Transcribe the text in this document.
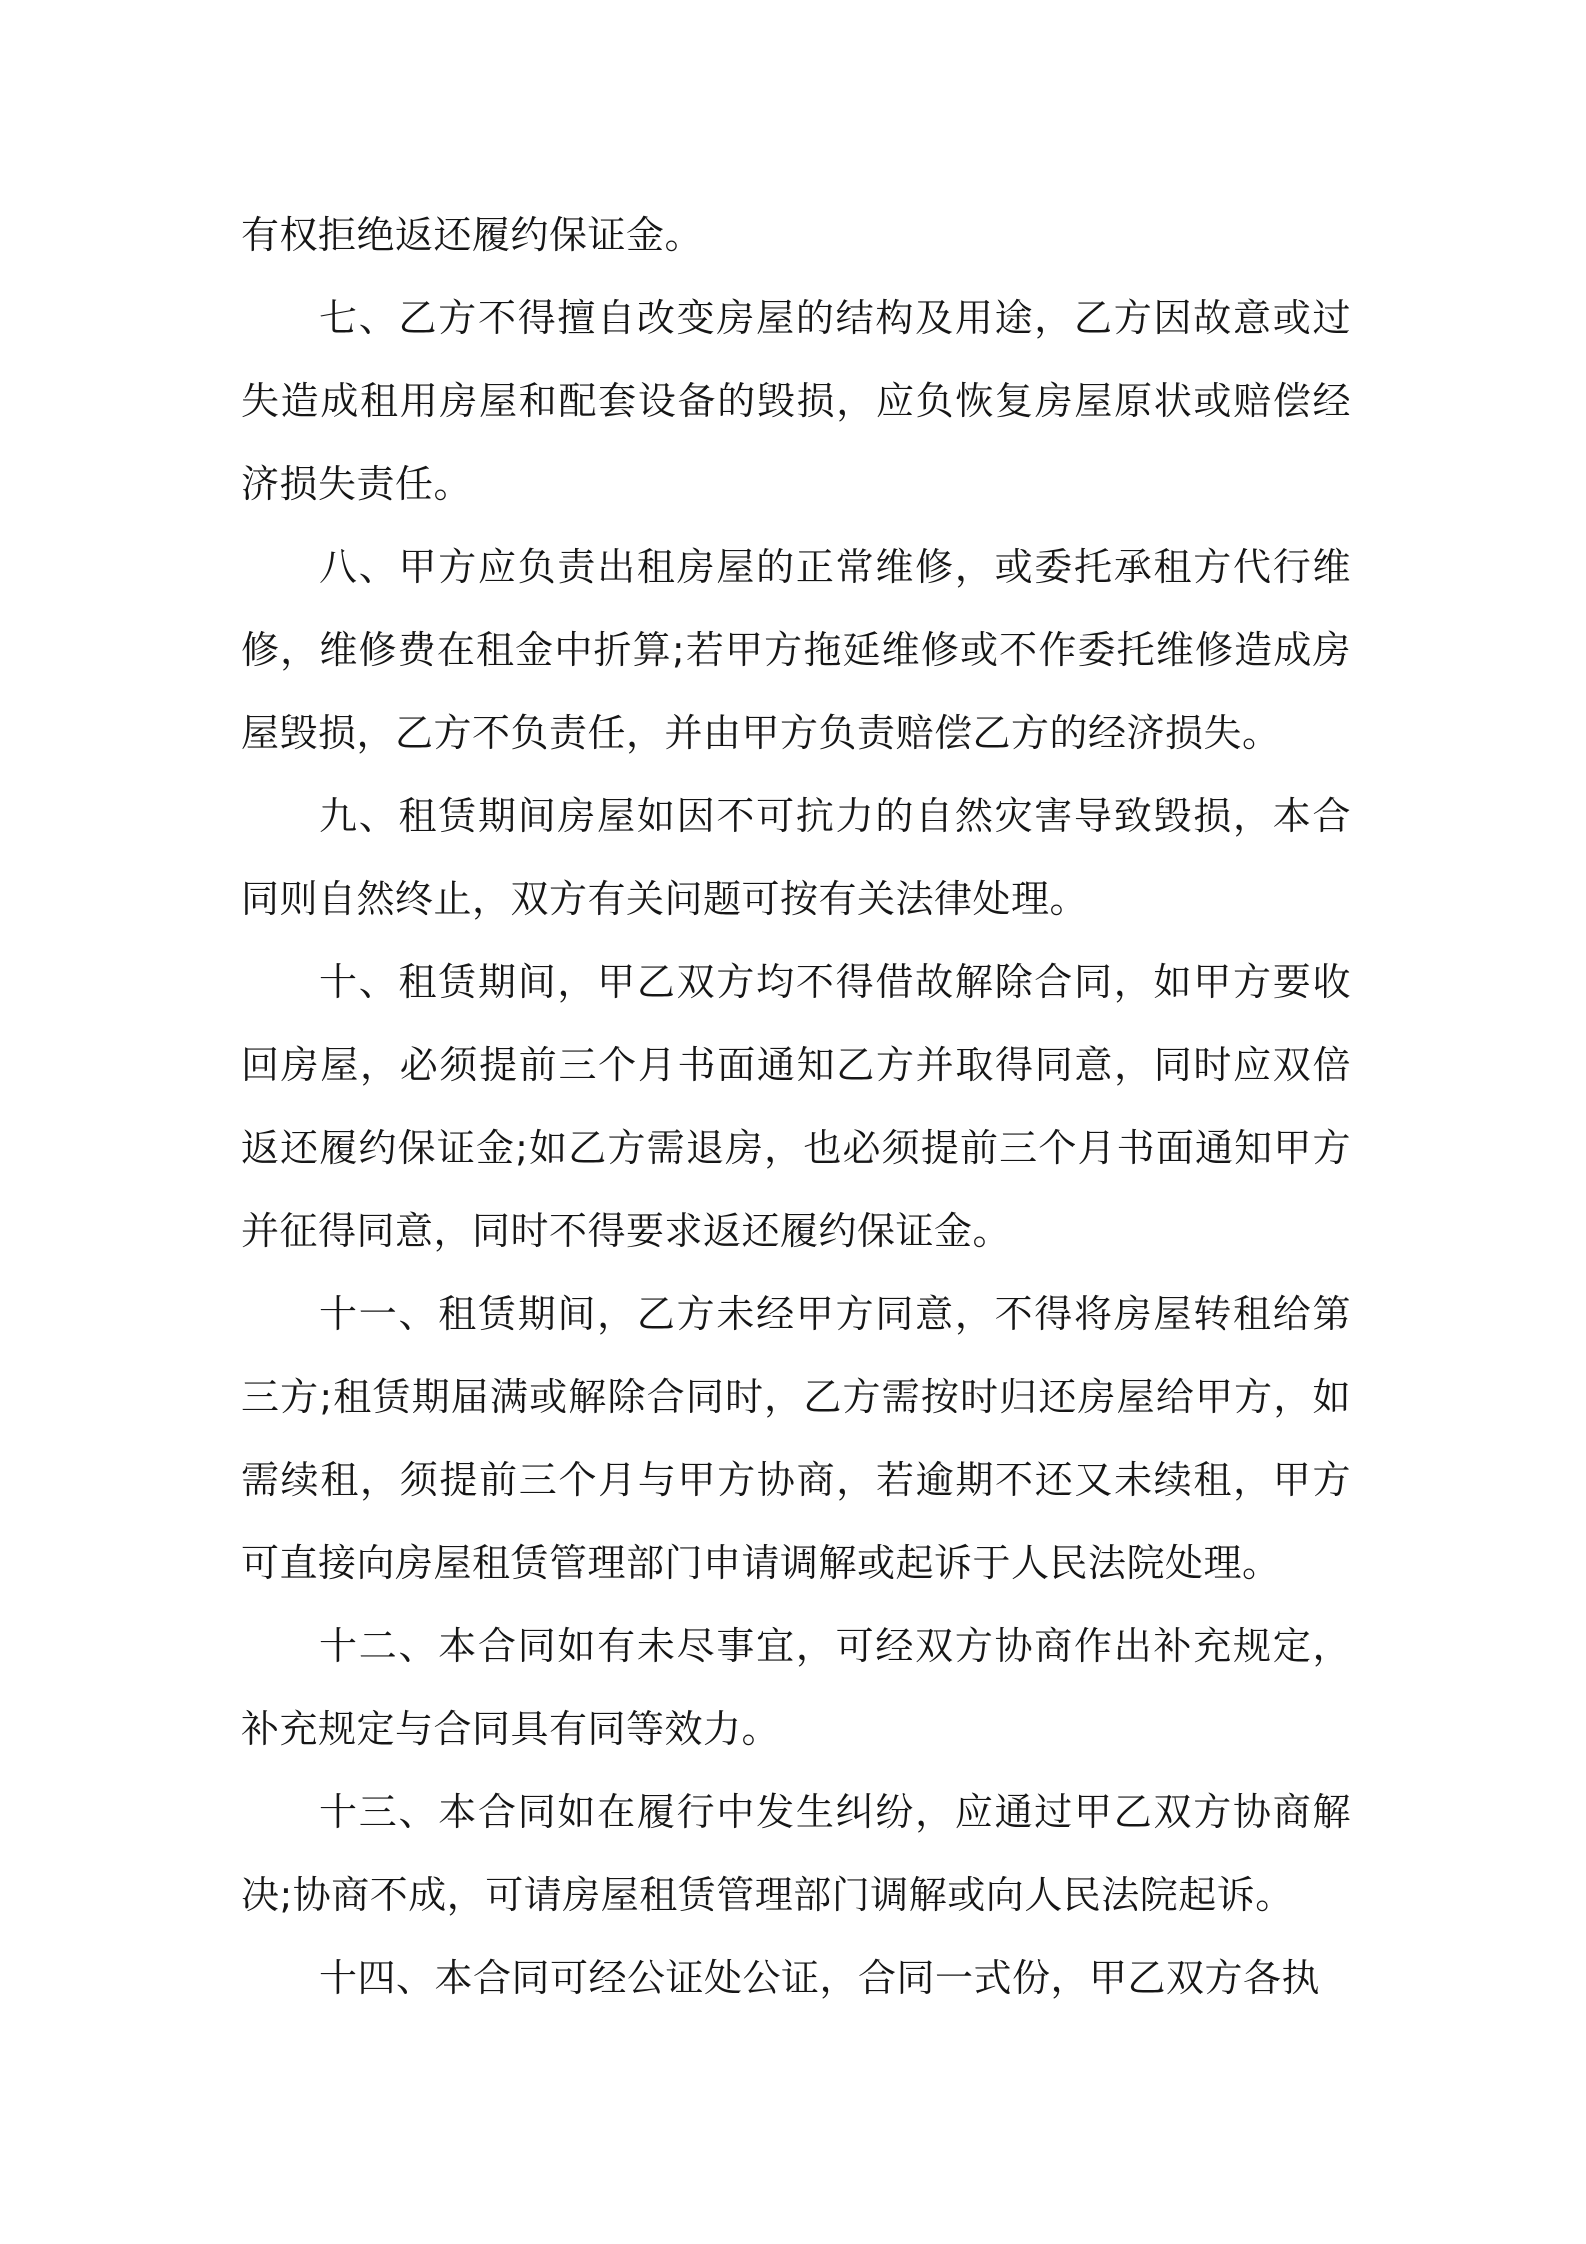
有权拒绝返还履约保证金。

七、乙方不得擅自改变房屋的结构及用途，乙方因故意或过失造成租用房屋和配套设备的毁损，应负恢复房屋原状或赔偿经济损失责任。

八、甲方应负责出租房屋的正常维修，或委托承租方代行维修，维修费在租金中折算;若甲方拖延维修或不作委托维修造成房屋毁损，乙方不负责任，并由甲方负责赔偿乙方的经济损失。

九、租赁期间房屋如因不可抗力的自然灾害导致毁损，本合同则自然终止，双方有关问题可按有关法律处理。

十、租赁期间，甲乙双方均不得借故解除合同，如甲方要收回房屋，必须提前三个月书面通知乙方并取得同意，同时应双倍返还履约保证金;如乙方需退房，也必须提前三个月书面通知甲方并征得同意，同时不得要求返还履约保证金。

十一、租赁期间，乙方未经甲方同意，不得将房屋转租给第三方;租赁期届满或解除合同时，乙方需按时归还房屋给甲方，如需续租，须提前三个月与甲方协商，若逾期不还又未续租，甲方可直接向房屋租赁管理部门申请调解或起诉于人民法院处理。

十二、本合同如有未尽事宜，可经双方协商作出补充规定，补充规定与合同具有同等效力。

十三、本合同如在履行中发生纠纷，应通过甲乙双方协商解决;协商不成，可请房屋租赁管理部门调解或向人民法院起诉。

十四、本合同可经公证处公证，合同一式份，甲乙双方各执
